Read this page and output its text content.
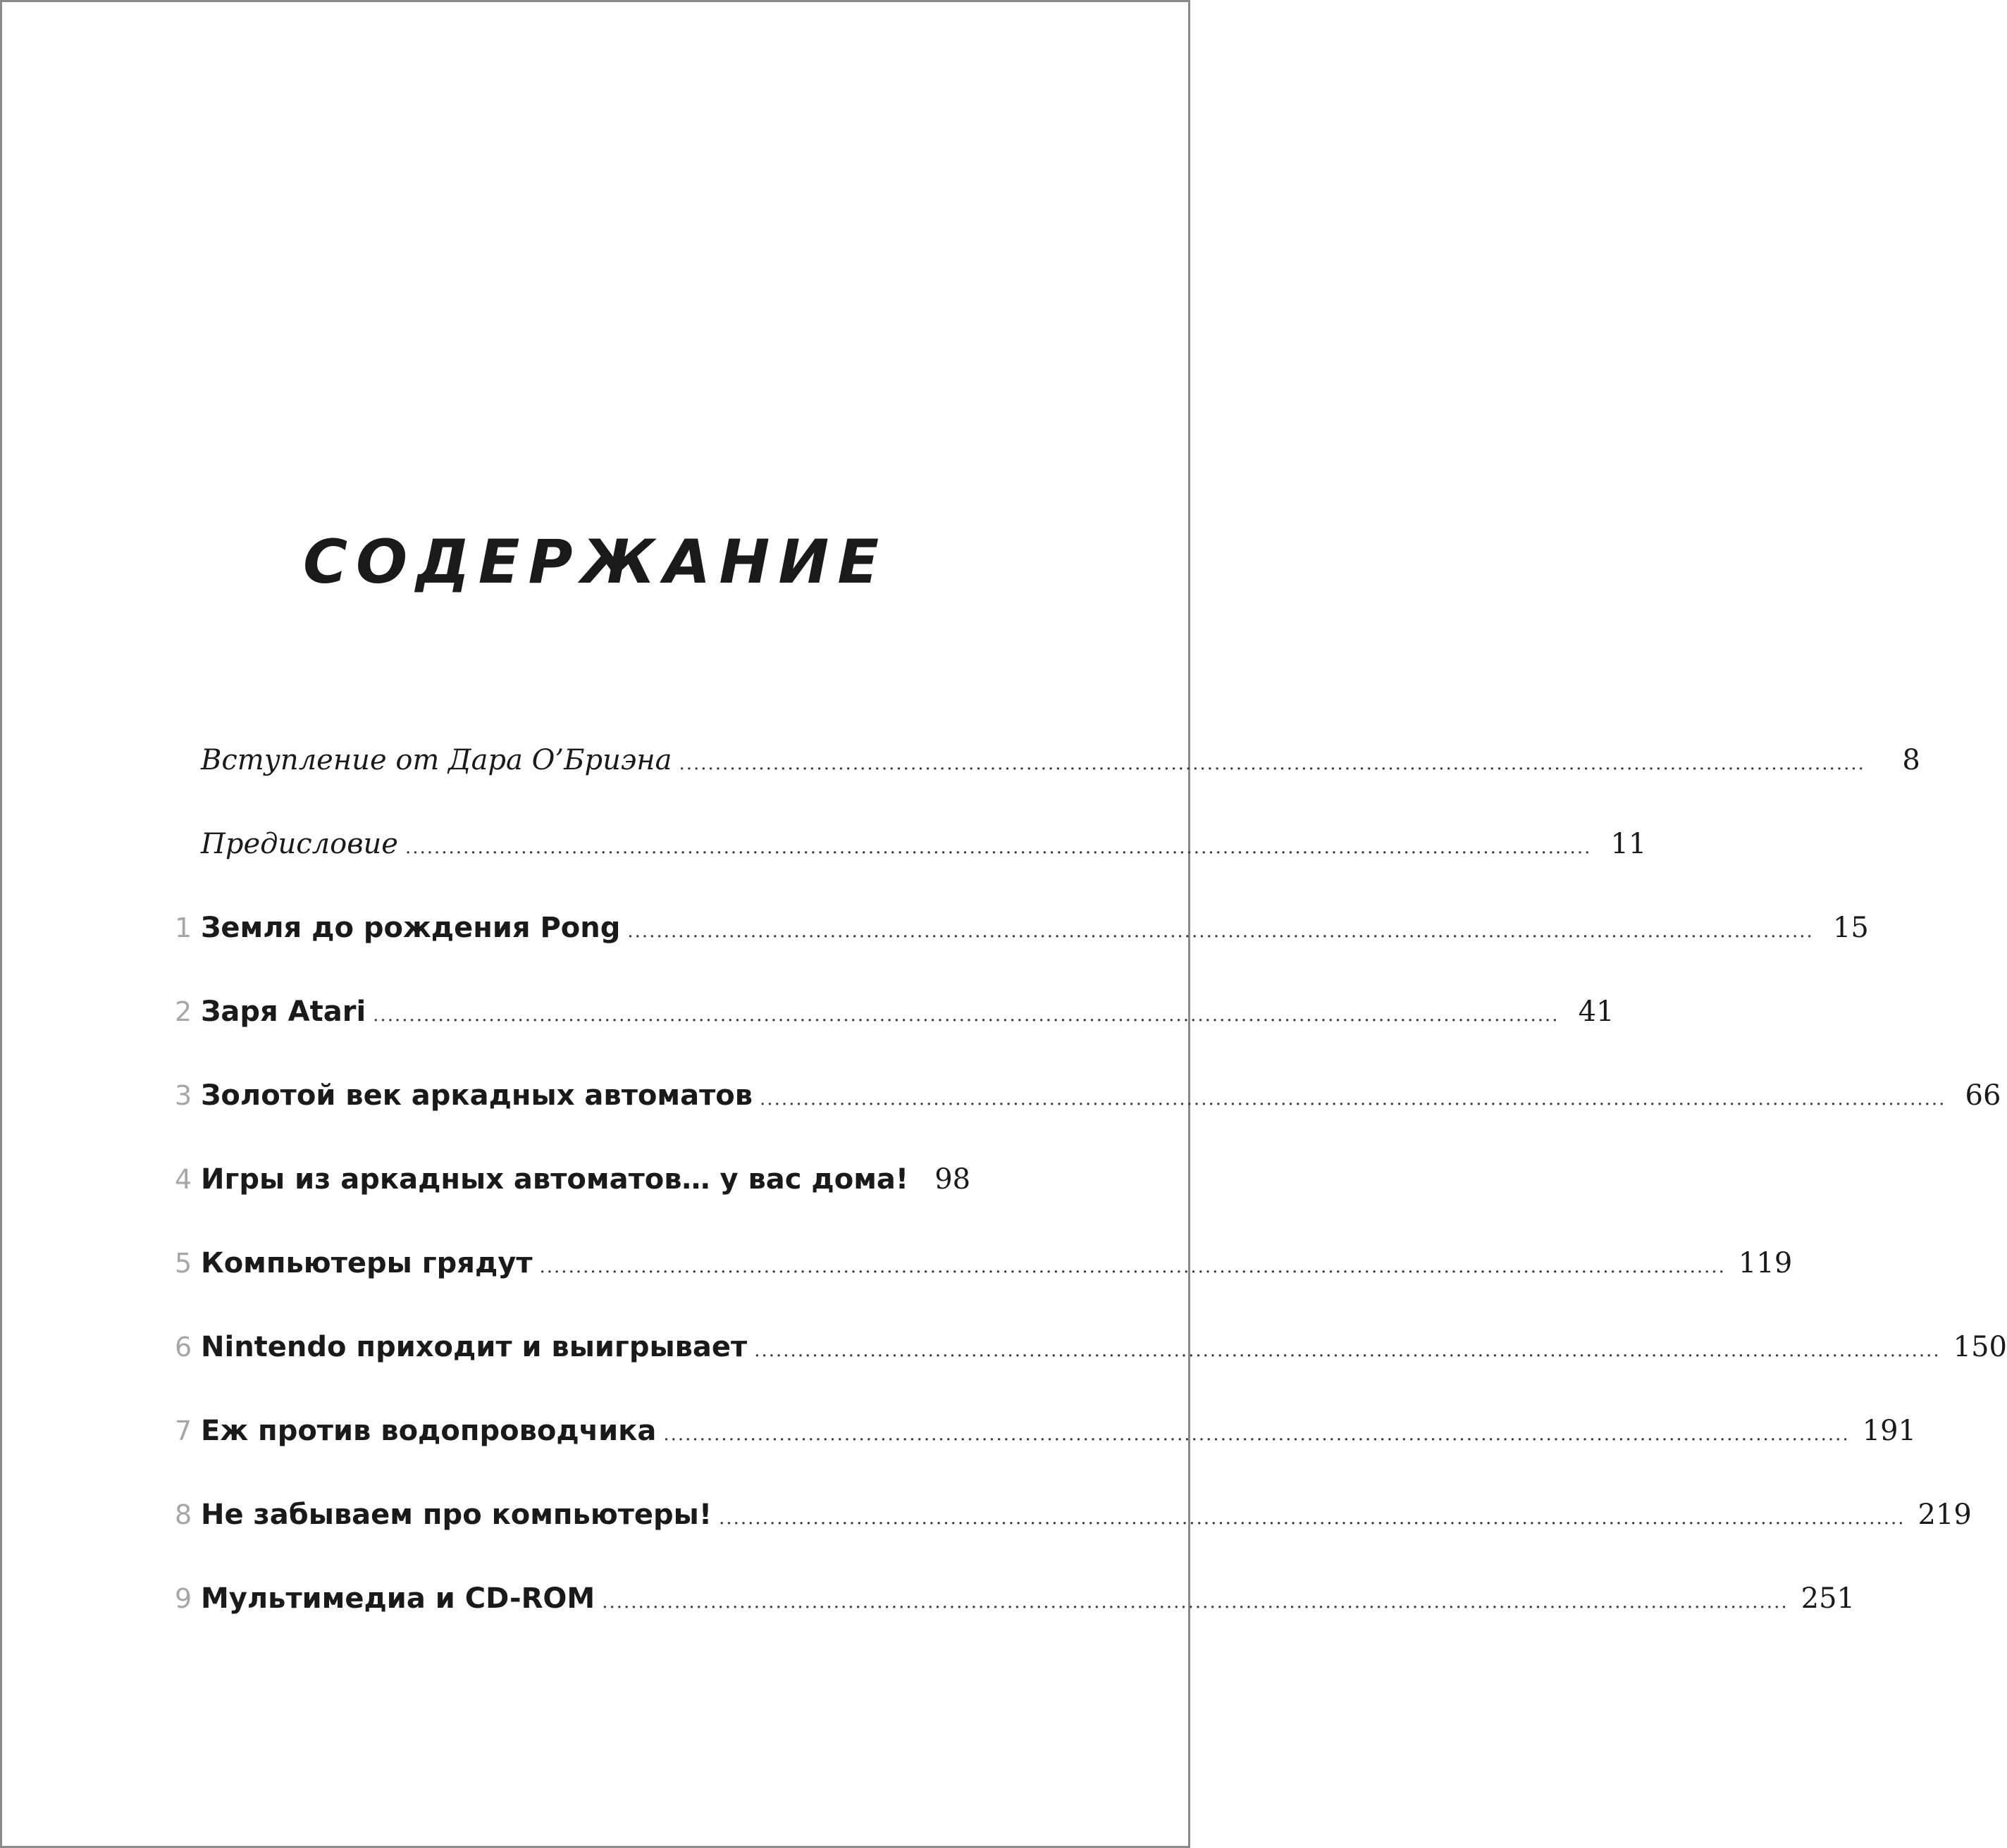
СОДЕРЖАНИЕ
Вступление от Дара О’Бриэна ....................................................................................................................................................................	8
Предисловие .................................................................................................................................................................... 11
1 Земля до рождения Pong .................................................................................................................................................................... 15
2 Заря Atari .................................................................................................................................................................... 41
3 Золотой век аркадных автоматов .................................................................................................................................................................... 66
4 Игры из аркадных автоматов… у вас дома! 98
5 Компьютеры грядут .................................................................................................................................................................... 119
6 Nintendo приходит и выигрывает .................................................................................................................................................................... 150
7 Еж против водопроводчика .................................................................................................................................................................... 191
8 Не забываем про компьютеры! .................................................................................................................................................................... 219
9 Мультимедиа и CD-ROM .................................................................................................................................................................... 251
